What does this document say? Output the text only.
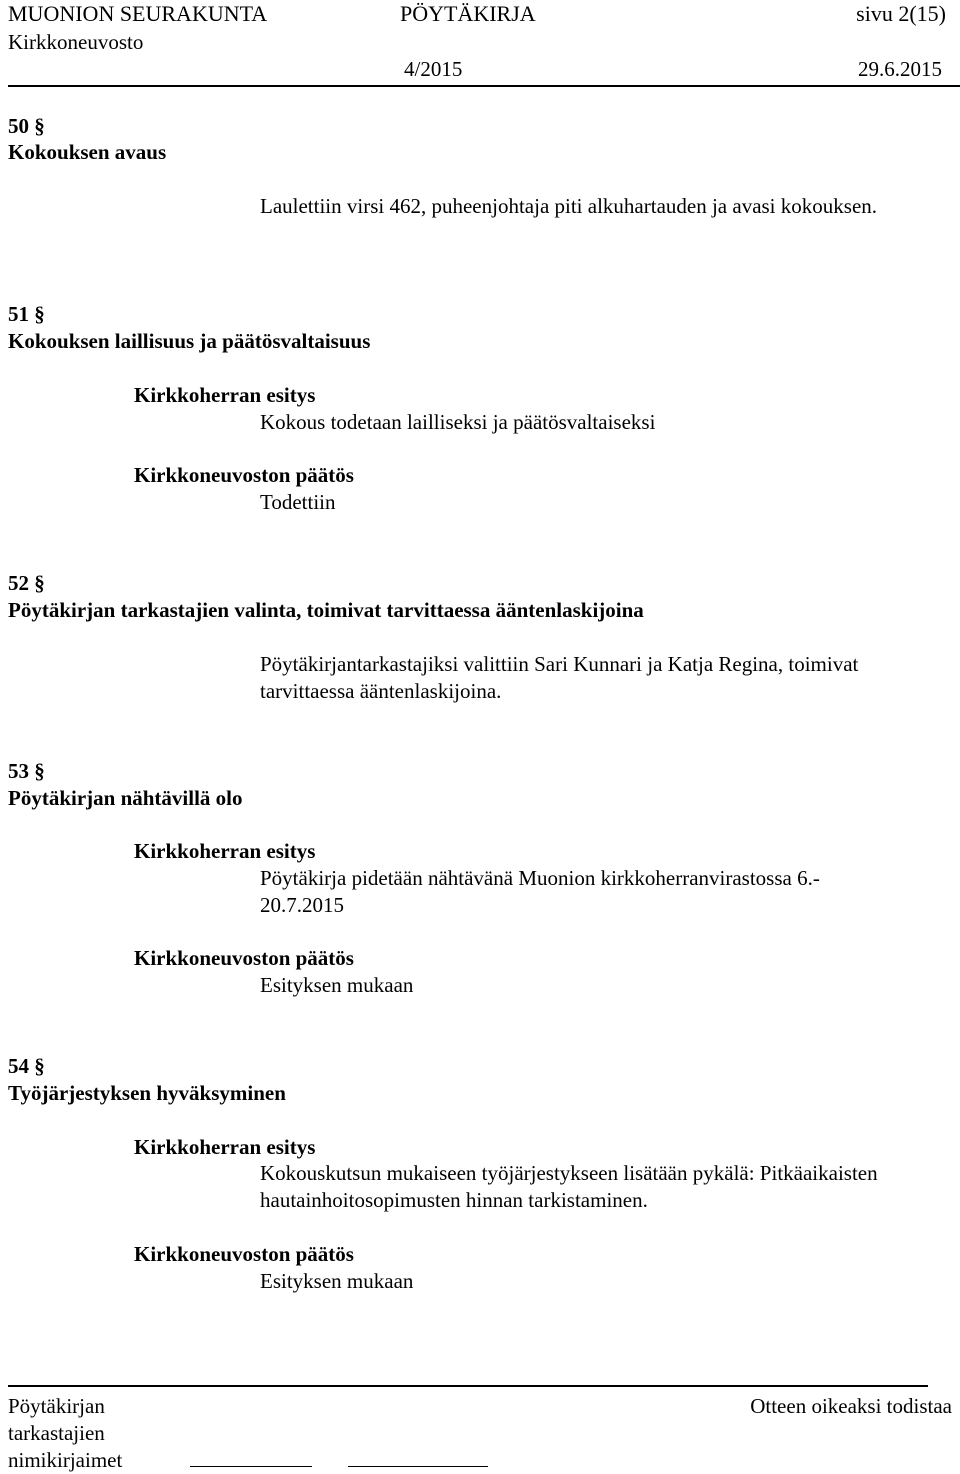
MUONION SEURAKUNTA	PÖYTÄKIRJA	sivu 2(15)
Kirkkoneuvosto
4/2015	29.6.2015
50 §
Kokouksen avaus
Laulettiin virsi 462, puheenjohtaja piti alkuhartauden ja avasi kokouksen.
51 §
Kokouksen laillisuus ja päätösvaltaisuus
Kirkkoherran esitys
Kokous todetaan lailliseksi ja päätösvaltaiseksi
Kirkkoneuvoston päätös
Todettiin
52 §
Pöytäkirjan tarkastajien valinta, toimivat tarvittaessa ääntenlaskijoina
Pöytäkirjantarkastajiksi valittiin Sari Kunnari ja Katja Regina, toimivat
tarvittaessa ääntenlaskijoina.
53 §
Pöytäkirjan nähtävillä olo
Kirkkoherran esitys
Pöytäkirja pidetään nähtävänä Muonion kirkkoherranvirastossa 6.-
20.7.2015
Kirkkoneuvoston päätös
Esityksen mukaan
54 §
Työjärjestyksen hyväksyminen
Kirkkoherran esitys
Kokouskutsun mukaiseen työjärjestykseen lisätään pykälä: Pitkäaikaisten
hautainhoitosopimusten hinnan tarkistaminen.
Kirkkoneuvoston päätös
Esityksen mukaan
Pöytäkirjan
tarkastajien
nimikirjaimet
Otteen oikeaksi todistaa
